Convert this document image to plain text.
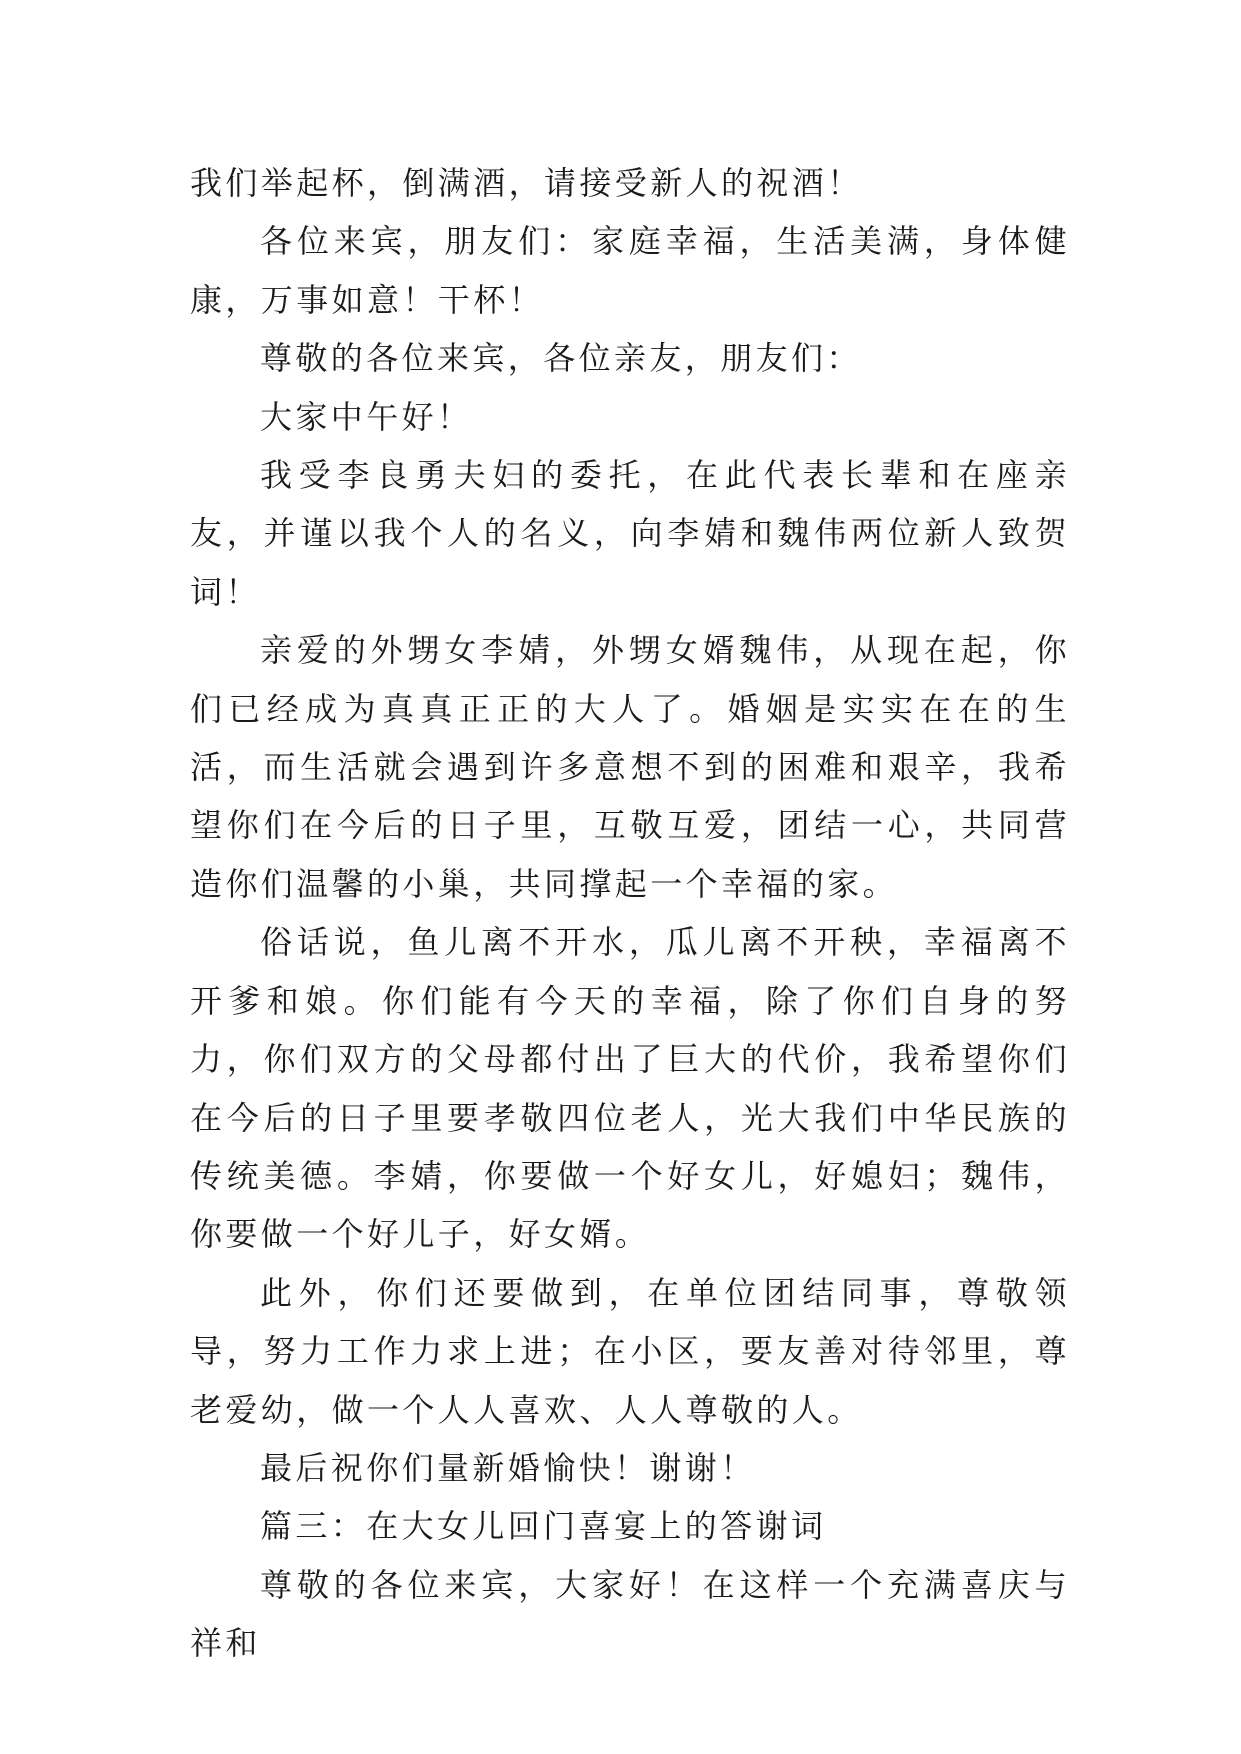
我们举起杯，倒满酒，请接受新人的祝酒！

各位来宾，朋友们：家庭幸福，生活美满，身体健康，万事如意！干杯！

尊敬的各位来宾，各位亲友，朋友们：

大家中午好！

我受李良勇夫妇的委托，在此代表长辈和在座亲友，并谨以我个人的名义，向李婧和魏伟两位新人致贺词！

亲爱的外甥女李婧，外甥女婿魏伟，从现在起，你们已经成为真真正正的大人了。婚姻是实实在在的生活，而生活就会遇到许多意想不到的困难和艰辛，我希望你们在今后的日子里，互敬互爱，团结一心，共同营造你们温馨的小巢，共同撑起一个幸福的家。

俗话说，鱼儿离不开水，瓜儿离不开秧，幸福离不开爹和娘。你们能有今天的幸福，除了你们自身的努力，你们双方的父母都付出了巨大的代价，我希望你们在今后的日子里要孝敬四位老人，光大我们中华民族的传统美德。李婧，你要做一个好女儿，好媳妇；魏伟，你要做一个好儿子，好女婿。

此外，你们还要做到，在单位团结同事，尊敬领导，努力工作力求上进；在小区，要友善对待邻里，尊老爱幼，做一个人人喜欢、人人尊敬的人。

最后祝你们量新婚愉快！谢谢！

篇三：在大女儿回门喜宴上的答谢词

尊敬的各位来宾，大家好！在这样一个充满喜庆与祥和
